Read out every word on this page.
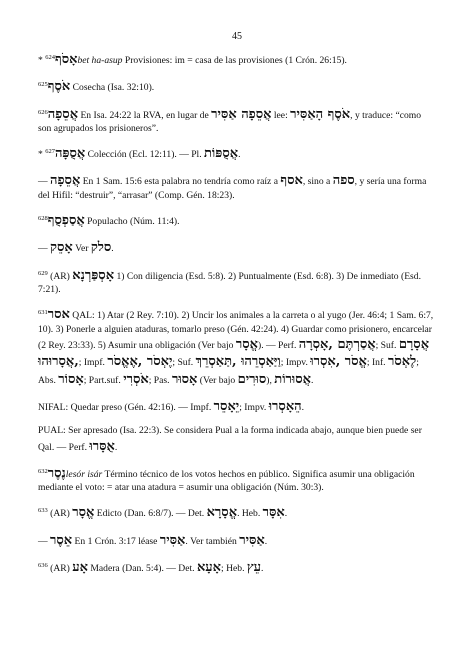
45

* $^{624}$אָסֹףbet ha-asup Provisiones: im = casa de las provisiones (1 Crón. 26:15).

$^{625}$אֹסֶף Cosecha (Isa. 32:10).

$^{626}$אֲסֵפָה En Isa. 24:22 la RVA, en lugar de אֲסֵפָה אַסִּיר lee: אֹסֶף הָאַסִּיר, y traduce: “como son agrupados los prisioneros”.

* $^{627}$אֲסֻפָּה Colección (Ecl. 12:11). — Pl. אֲסֻפּוֹת.

— אֲסֵפָה En 1 Sam. 15:6 esta palabra no tendría como raíz a אסף, sino a ספה, y sería una forma del Hifil: “destruir”, “arrasar” (Comp. Gén. 18:23).

$^{628}$אֲסַפְסֻף Populacho (Núm. 11:4).

— אָסֵק Ver סלק.

$^{629}$ (AR) אָסְפַּרְנָא 1) Con diligencia (Esd. 5:8). 2) Puntualmente (Esd. 6:8). 3) De inmediato (Esd. 7:21).

$^{631}$אסר QAL: 1) Atar (2 Rey. 7:10). 2) Uncir los animales a la carreta o al yugo (Jer. 46:4; 1 Sam. 6:7, 10). 3) Ponerle a alguien ataduras, tomarlo preso (Gén. 42:24). 4) Guardar como prisionero, encarcelar (2 Rey. 23:33). 5) Asumir una obligación (Ver bajo אֱסָר). — Perf. אֲסַרְתֶּם ,אָסְרָה; Suf. אֲסָרָם ,אֲסָרוּהוּ; Impf. יֶאְסֹר ,אֶאֱסֹר; Suf. וַיַּאַסְרֵהוּ ,תַּאַסְרֵךְ; Impv. אֱסֹר ,אִסְרוּ; Inf. לֶאְסֹר; Abs. אָסוֹר; Part.suf. אֹסְרִי; Pas. אָסוּר (Ver bajo סוּרִים), אֲסוּרוֹת.

NIFAL: Quedar preso (Gén. 42:16). — Impf. יֵאָסֵר; Impv. הֵאָסְרוּ.

PUAL: Ser apresado (Isa. 22:3). Se considera Pual a la forma indicada abajo, aunque bien puede ser Qal. — Perf. אֻסָּרוּ.

$^{632}$נֶסֶרlesór isár Término técnico de los votos hechos en público. Significa asumir una obligación mediante el voto: = atar una atadura = asumir una obligación (Núm. 30:3).

$^{633}$ (AR) אֱסָר Edicto (Dan. 6:8/7). — Det. אֱסָרָא. Heb. אִסָּר.

— אֵסֶר En 1 Crón. 3:17 léase אַסִּיר. Ver también אַסִּיר.

$^{636}$ (AR) אָע Madera (Dan. 5:4). — Det. אָעָא; Heb. עֵץ.
